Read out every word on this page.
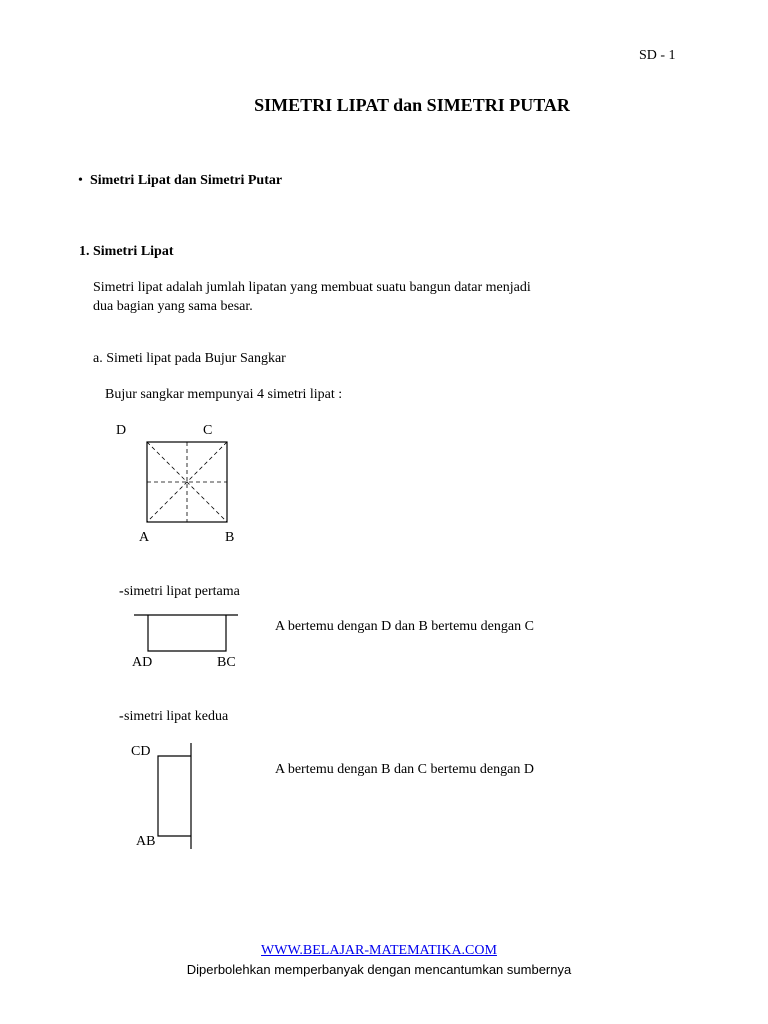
SD - 1
SIMETRI LIPAT dan SIMETRI PUTAR
• Simetri Lipat dan Simetri Putar
1. Simetri Lipat
Simetri lipat adalah jumlah lipatan yang membuat suatu bangun datar menjadi
dua bagian yang sama besar.
a. Simeti lipat pada Bujur Sangkar
Bujur sangkar mempunyai 4 simetri lipat :
D	C
A	B
- simetri lipat pertama
AD	BC
A bertemu dengan D dan B bertemu dengan C
- simetri lipat kedua
CD
AB
A bertemu dengan B dan C bertemu dengan D
WWW.BELAJAR-MATEMATIKA.COM
Diperbolehkan memperbanyak dengan mencantumkan sumbernya
